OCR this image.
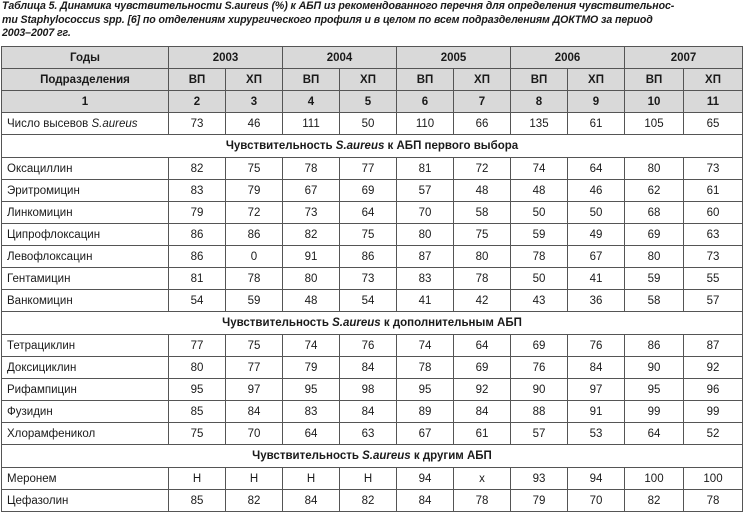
Таблица 5. Динамика чувствительности S.aureus (%) к АБП из рекомендованного перечня для определения чувствительнос-
ти Staphylococcus spp. [6] по отделениям хирургического профиля и в целом по всем подразделениям ДОКТМО за период
2003–2007 гг.
Годы	2003		2004		2005		2006		2007	
Подразделения	ВП	ХП	ВП	ХП	ВП	ХП	ВП	ХП	ВП	ХП
1	2	3	4	5	6	7	8	9	10	11
Число высевов S.aureus	73	46	111	50	110	66	135	61	105	65
Чувствительность S.aureus к АБП первого выбора										
Оксациллин	82	75	78	77	81	72	74	64	80	73
Эритромицин	83	79	67	69	57	48	48	46	62	61
Линкомицин	79	72	73	64	70	58	50	50	68	60
Ципрофлоксацин	86	86	82	75	80	75	59	49	69	63
Левофлоксацин	86	0	91	86	87	80	78	67	80	73
Гентамицин	81	78	80	73	83	78	50	41	59	55
Ванкомицин	54	59	48	54	41	42	43	36	58	57
Чувствительность S.aureus к дополнительным АБП										
Тетрациклин	77	75	74	76	74	64	69	76	86	87
Доксициклин	80	77	79	84	78	69	76	84	90	92
Рифампицин	95	97	95	98	95	92	90	97	95	96
Фузидин	85	84	83	84	89	84	88	91	99	99
Хлорамфеникол	75	70	64	63	67	61	57	53	64	52
Чувствительность S.aureus к другим АБП										
Меронем	Н	Н	Н	Н	94	х	93	94	100	100
Цефазолин	85	82	84	82	84	78	79	70	82	78
